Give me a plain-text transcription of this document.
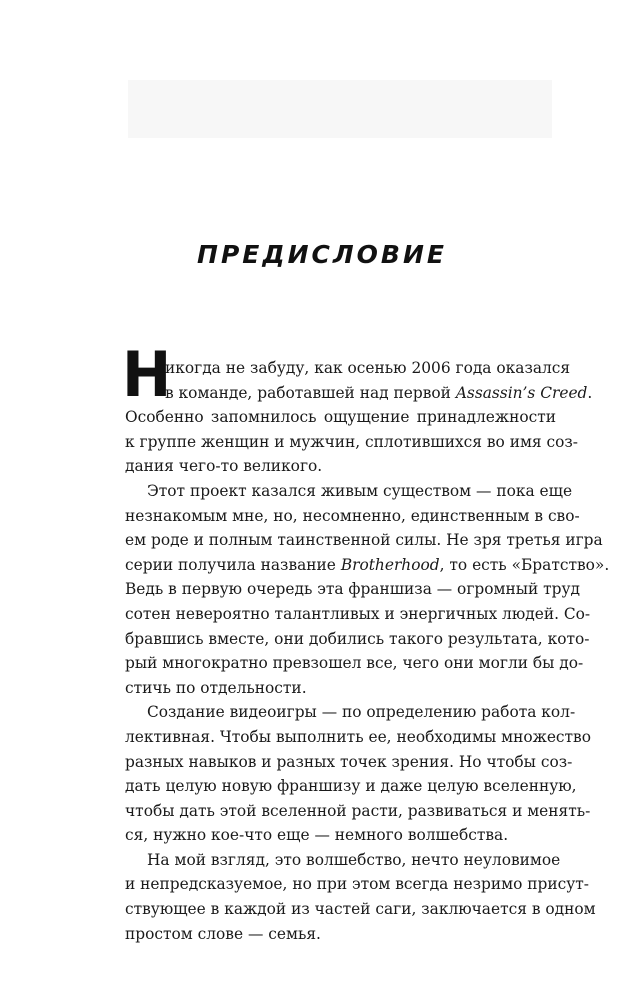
ПРЕДИСЛОВИЕ
Н
икогда не забуду, как осенью 2006 года оказался
в команде, работавшей над первой Assassin’s Creed.
Особенно запомнилось ощущение принадлежности
к группе женщин и мужчин, сплотившихся во имя соз-
дания чего-то великого.
Этот проект казался живым существом — пока еще
незнакомым мне, но, несомненно, единственным в сво-
ем роде и полным таинственной силы. Не зря третья игра
серии получила название Brotherhood, то есть «Братство».
Ведь в первую очередь эта франшиза — огромный труд
сотен невероятно талантливых и энергичных людей. Со-
бравшись вместе, они добились такого результата, кото-
рый многократно превзошел все, чего они могли бы до-
стичь по отдельности.
Создание видеоигры — по определению работа кол-
лективная. Чтобы выполнить ее, необходимы множество
разных навыков и разных точек зрения. Но чтобы соз-
дать целую новую франшизу и даже целую вселенную,
чтобы дать этой вселенной расти, развиваться и менять-
ся, нужно кое-что еще — немного волшебства.
На мой взгляд, это волшебство, нечто неуловимое
и непредсказуемое, но при этом всегда незримо присут-
ствующее в каждой из частей саги, заключается в одном
простом слове — семья.
